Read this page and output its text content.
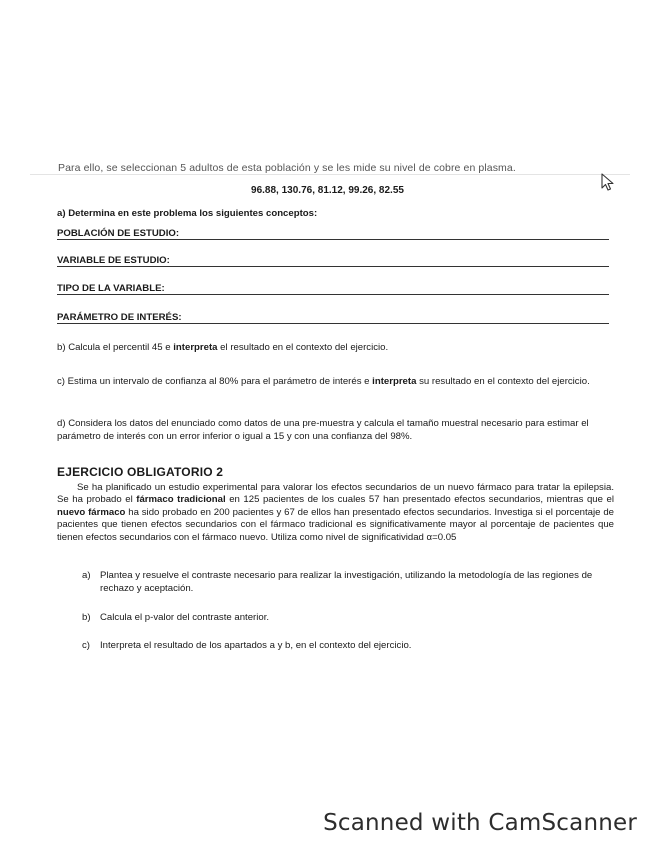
Para ello, se seleccionan 5 adultos de esta población y se les mide su nivel de cobre en plasma.
96.88, 130.76, 81.12, 99.26, 82.55
a) Determina en este problema los siguientes conceptos:
POBLACIÓN DE ESTUDIO:
VARIABLE DE ESTUDIO:
TIPO DE LA VARIABLE:
PARÁMETRO DE INTERÉS:
b) Calcula el percentil 45 e interpreta el resultado en el contexto del ejercicio.
c) Estima un intervalo de confianza al 80% para el parámetro de interés e interpreta su resultado en el contexto del ejercicio.
d) Considera los datos del enunciado como datos de una pre-muestra y calcula el tamaño muestral necesario para estimar el parámetro de interés con un error inferior o igual a 15 y con una confianza del 98%.
EJERCICIO OBLIGATORIO 2
Se ha planificado un estudio experimental para valorar los efectos secundarios de un nuevo fármaco para tratar la epilepsia. Se ha probado el fármaco tradicional en 125 pacientes de los cuales 57 han presentado efectos secundarios, mientras que el nuevo fármaco ha sido probado en 200 pacientes y 67 de ellos han presentado efectos secundarios. Investiga si el porcentaje de pacientes que tienen efectos secundarios con el fármaco tradicional es significativamente mayor al porcentaje de pacientes que tienen efectos secundarios con el fármaco nuevo. Utiliza como nivel de significatividad α=0.05
a) Plantea y resuelve el contraste necesario para realizar la investigación, utilizando la metodología de las regiones de rechazo y aceptación.
b) Calcula el p-valor del contraste anterior.
c) Interpreta el resultado de los apartados a y b, en el contexto del ejercicio.
Scanned with CamScanner
